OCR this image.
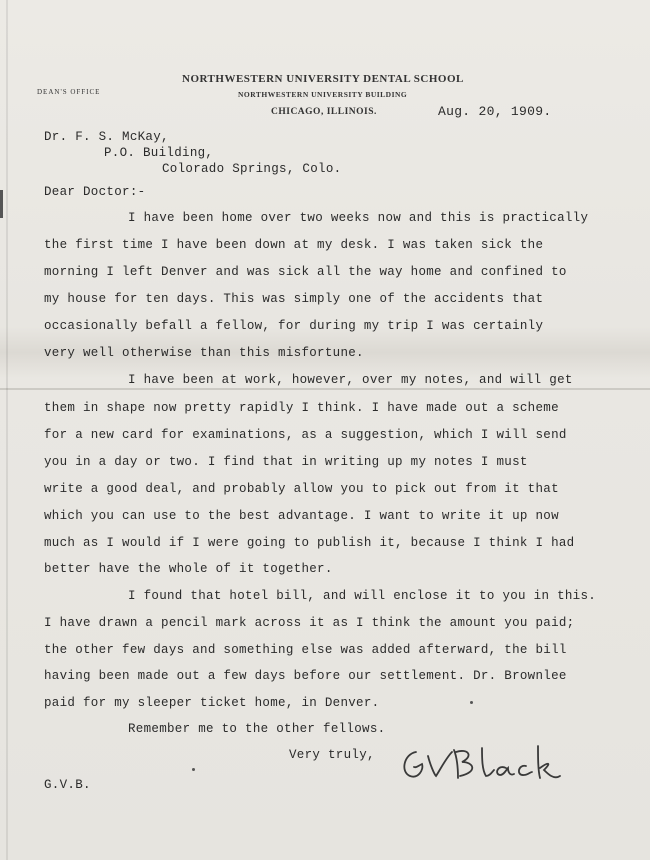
NORTHWESTERN UNIVERSITY DENTAL SCHOOL
NORTHWESTERN UNIVERSITY BUILDING
CHICAGO, ILLINOIS.
DEAN'S OFFICE
Aug. 20, 1909.
Dr. F. S. McKay,
P.O. Building,
Colorado Springs, Colo.
Dear Doctor:-
I have been home over two weeks now and this is practically
the first time I have been down at my desk. I was taken sick the
morning I left Denver and was sick all the way home and confined to
my house for ten days. This was simply one of the accidents that
occasionally befall a fellow, for during my trip I was certainly
very well otherwise than this misfortune.
I have been at work, however, over my notes, and will get
them in shape now pretty rapidly I think. I have made out a scheme
for a new card for examinations, as a suggestion, which I will send
you in a day or two. I find that in writing up my notes I must
write a good deal, and probably allow you to pick out from it that
which you can use to the best advantage. I want to write it up now
much as I would if I were going to publish it, because I think I had
better have the whole of it together.
I found that hotel bill, and will enclose it to you in this.
I have drawn a pencil mark across it as I think the amount you paid;
the other few days and something else was added afterward, the bill
having been made out a few days before our settlement. Dr. Brownlee
paid for my sleeper ticket home, in Denver.
Remember me to the other fellows.
Very truly,
G.V.B.
